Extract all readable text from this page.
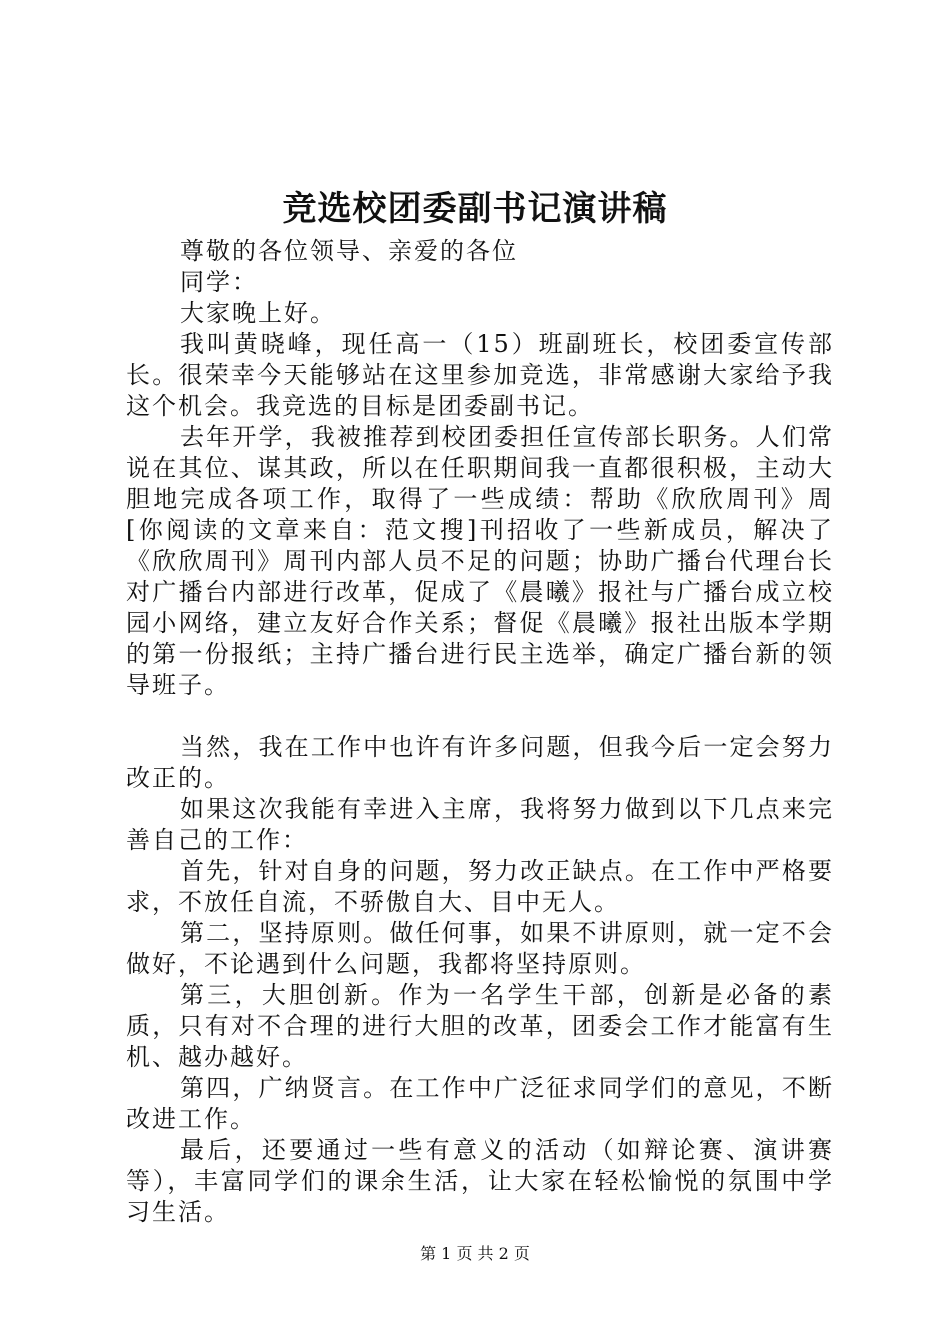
竞选校团委副书记演讲稿

尊敬的各位领导、亲爱的各位

同学：

大家晚上好。

我叫黄晓峰，现任高一（15）班副班长，校团委宣传部长。很荣幸今天能够站在这里参加竞选，非常感谢大家给予我这个机会。我竞选的目标是团委副书记。

去年开学，我被推荐到校团委担任宣传部长职务。人们常说在其位、谋其政，所以在任职期间我一直都很积极，主动大胆地完成各项工作，取得了一些成绩：帮助《欣欣周刊》周[你阅读的文章来自：范文搜]刊招收了一些新成员，解决了《欣欣周刊》周刊内部人员不足的问题；协助广播台代理台长对广播台内部进行改革，促成了《晨曦》报社与广播台成立校园小网络，建立友好合作关系；督促《晨曦》报社出版本学期的第一份报纸；主持广播台进行民主选举，确定广播台新的领导班子。

当然，我在工作中也许有许多问题，但我今后一定会努力改正的。

如果这次我能有幸进入主席，我将努力做到以下几点来完善自己的工作：

首先，针对自身的问题，努力改正缺点。在工作中严格要求，不放任自流，不骄傲自大、目中无人。

第二，坚持原则。做任何事，如果不讲原则，就一定不会做好，不论遇到什么问题，我都将坚持原则。

第三，大胆创新。作为一名学生干部，创新是必备的素质，只有对不合理的进行大胆的改革，团委会工作才能富有生机、越办越好。

第四，广纳贤言。在工作中广泛征求同学们的意见，不断改进工作。

最后，还要通过一些有意义的活动（如辩论赛、演讲赛等），丰富同学们的课余生活，让大家在轻松愉悦的氛围中学习生活。

第 1 页 共 2 页
